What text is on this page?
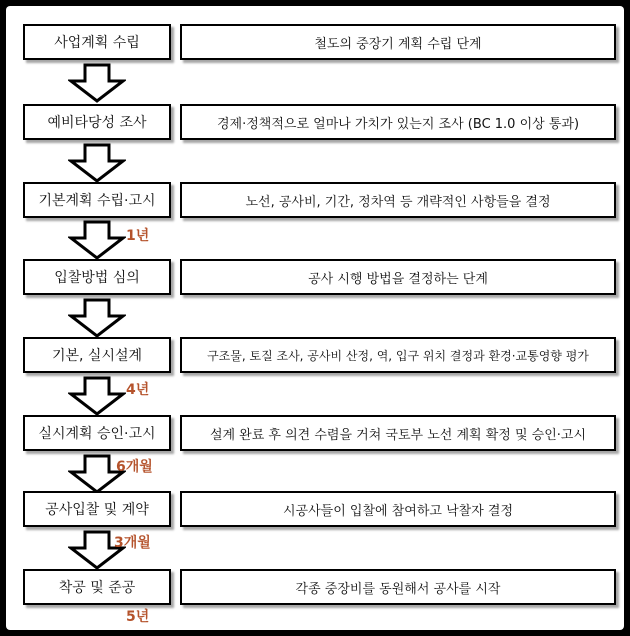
사업계획 수립	철도의 중장기 계획 수립 단계
예비타당성 조사	경제·정책적으로 얼마나 가치가 있는지 조사 (BC 1.0 이상 통과)
기본계획 수립·고시	노선, 공사비, 기간, 정차역 등 개략적인 사항들을 결정
1년
입찰방법 심의	공사 시행 방법을 결정하는 단계
기본, 실시설계	구조물, 토질 조사, 공사비 산정, 역, 입구 위치 결정과 환경·교통영향 평가
4년
실시계획 승인·고시	설계 완료 후 의견 수렴을 거쳐 국토부 노선 계획 확정 및 승인·고시
6개월
공사입찰 및 계약	시공사들이 입찰에 참여하고 낙찰자 결정
3개월
착공 및 준공	각종 중장비를 동원해서 공사를 시작
5년
